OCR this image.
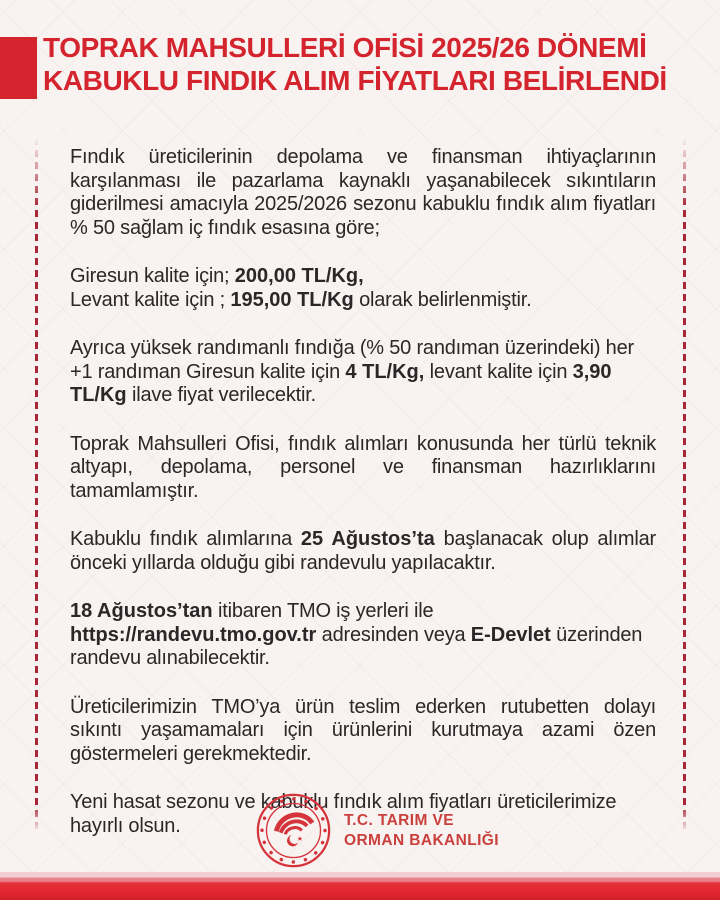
TOPRAK MAHSULLERİ OFİSİ 2025/26 DÖNEMİ
KABUKLU FINDIK ALIM FİYATLARI BELİRLENDİ

Fındık üreticilerinin depolama ve finansman ihtiyaçlarının karşılanması ile pazarlama kaynaklı yaşanabilecek sıkıntıların giderilmesi amacıyla 2025/2026 sezonu kabuklu fındık alım fiyatları % 50 sağlam iç fındık esasına göre;

Giresun kalite için; 200,00 TL/Kg,
Levant kalite için ; 195,00 TL/Kg olarak belirlenmiştir.

Ayrıca yüksek randımanlı fındığa (% 50 randıman üzerindeki) her +1 randıman Giresun kalite için 4 TL/Kg, levant kalite için 3,90 TL/Kg ilave fiyat verilecektir.

Toprak Mahsulleri Ofisi, fındık alımları konusunda her türlü teknik altyapı, depolama, personel ve finansman hazırlıklarını tamamlamıştır.

Kabuklu fındık alımlarına 25 Ağustos’ta başlanacak olup alımlar önceki yıllarda olduğu gibi randevulu yapılacaktır.

18 Ağustos’tan itibaren TMO iş yerleri ile https://randevu.tmo.gov.tr adresinden veya E-Devlet üzerinden randevu alınabilecektir.

Üreticilerimizin TMO’ya ürün teslim ederken rutubetten dolayı sıkıntı yaşamamaları için ürünlerini kurutmaya azami özen göstermeleri gerekmektedir.

Yeni hasat sezonu ve kabuklu fındık alım fiyatları üreticilerimize hayırlı olsun.	T.C. TARIM VE
ORMAN BAKANLIĞI
